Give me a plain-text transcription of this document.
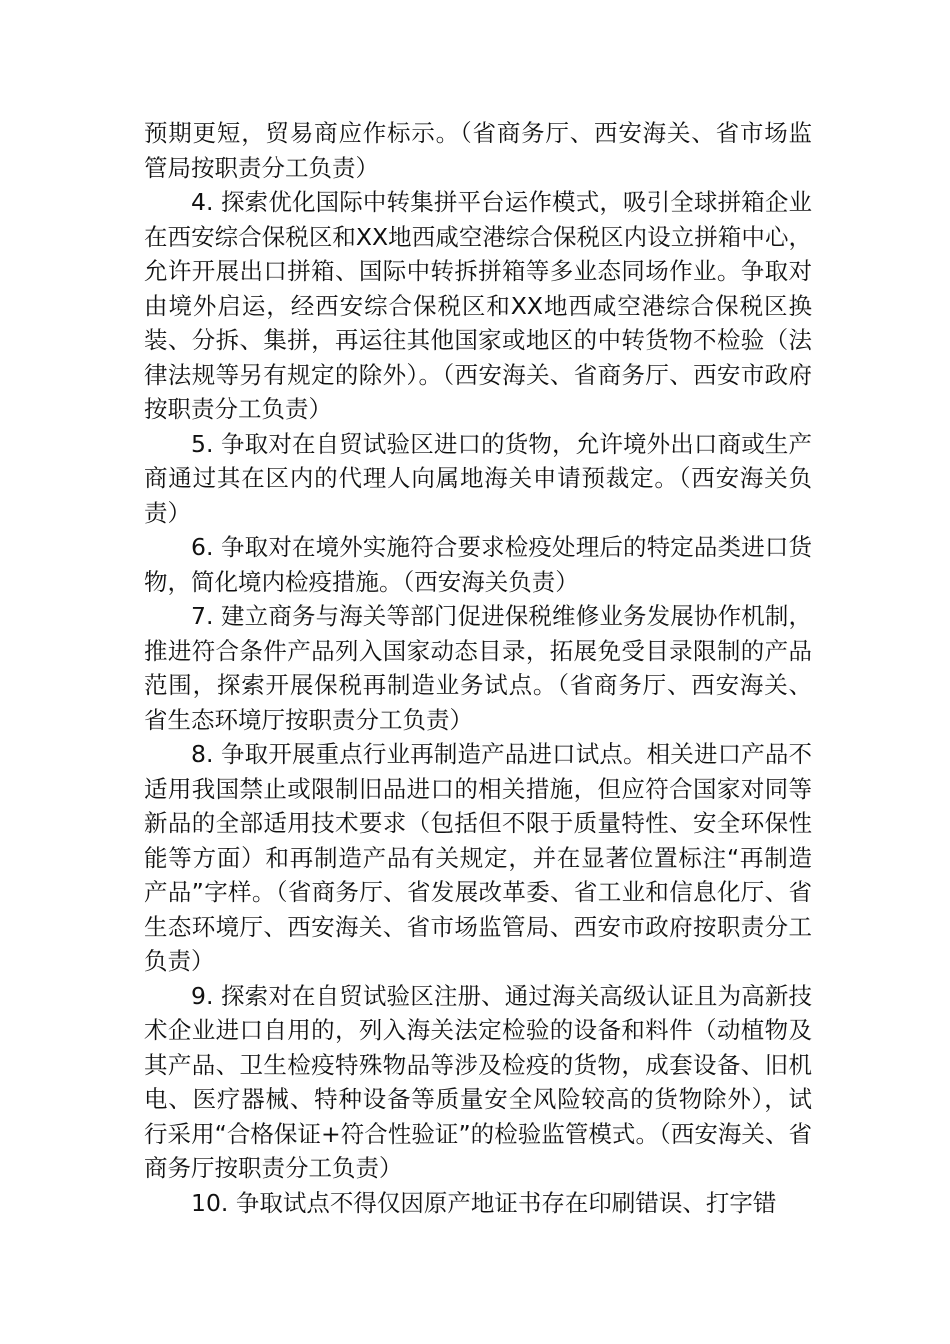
预期更短，贸易商应作标示。（省商务厅、西安海关、省市场监管局按职责分工负责）

4. 探索优化国际中转集拼平台运作模式，吸引全球拼箱企业在西安综合保税区和XX地西咸空港综合保税区内设立拼箱中心，允许开展出口拼箱、国际中转拆拼箱等多业态同场作业。争取对由境外启运，经西安综合保税区和XX地西咸空港综合保税区换装、分拆、集拼，再运往其他国家或地区的中转货物不检验（法律法规等另有规定的除外）。（西安海关、省商务厅、西安市政府按职责分工负责）

5. 争取对在自贸试验区进口的货物，允许境外出口商或生产商通过其在区内的代理人向属地海关申请预裁定。（西安海关负责）

6. 争取对在境外实施符合要求检疫处理后的特定品类进口货物，简化境内检疫措施。（西安海关负责）

7. 建立商务与海关等部门促进保税维修业务发展协作机制，推进符合条件产品列入国家动态目录，拓展免受目录限制的产品范围，探索开展保税再制造业务试点。（省商务厅、西安海关、省生态环境厅按职责分工负责）

8. 争取开展重点行业再制造产品进口试点。相关进口产品不适用我国禁止或限制旧品进口的相关措施，但应符合国家对同等新品的全部适用技术要求（包括但不限于质量特性、安全环保性能等方面）和再制造产品有关规定，并在显著位置标注“再制造产品”字样。（省商务厅、省发展改革委、省工业和信息化厅、省生态环境厅、西安海关、省市场监管局、西安市政府按职责分工负责）

9. 探索对在自贸试验区注册、通过海关高级认证且为高新技术企业进口自用的，列入海关法定检验的设备和料件（动植物及其产品、卫生检疫特殊物品等涉及检疫的货物，成套设备、旧机电、医疗器械、特种设备等质量安全风险较高的货物除外），试行采用“合格保证+符合性验证”的检验监管模式。（西安海关、省商务厅按职责分工负责）

10. 争取试点不得仅因原产地证书存在印刷错误、打字错
